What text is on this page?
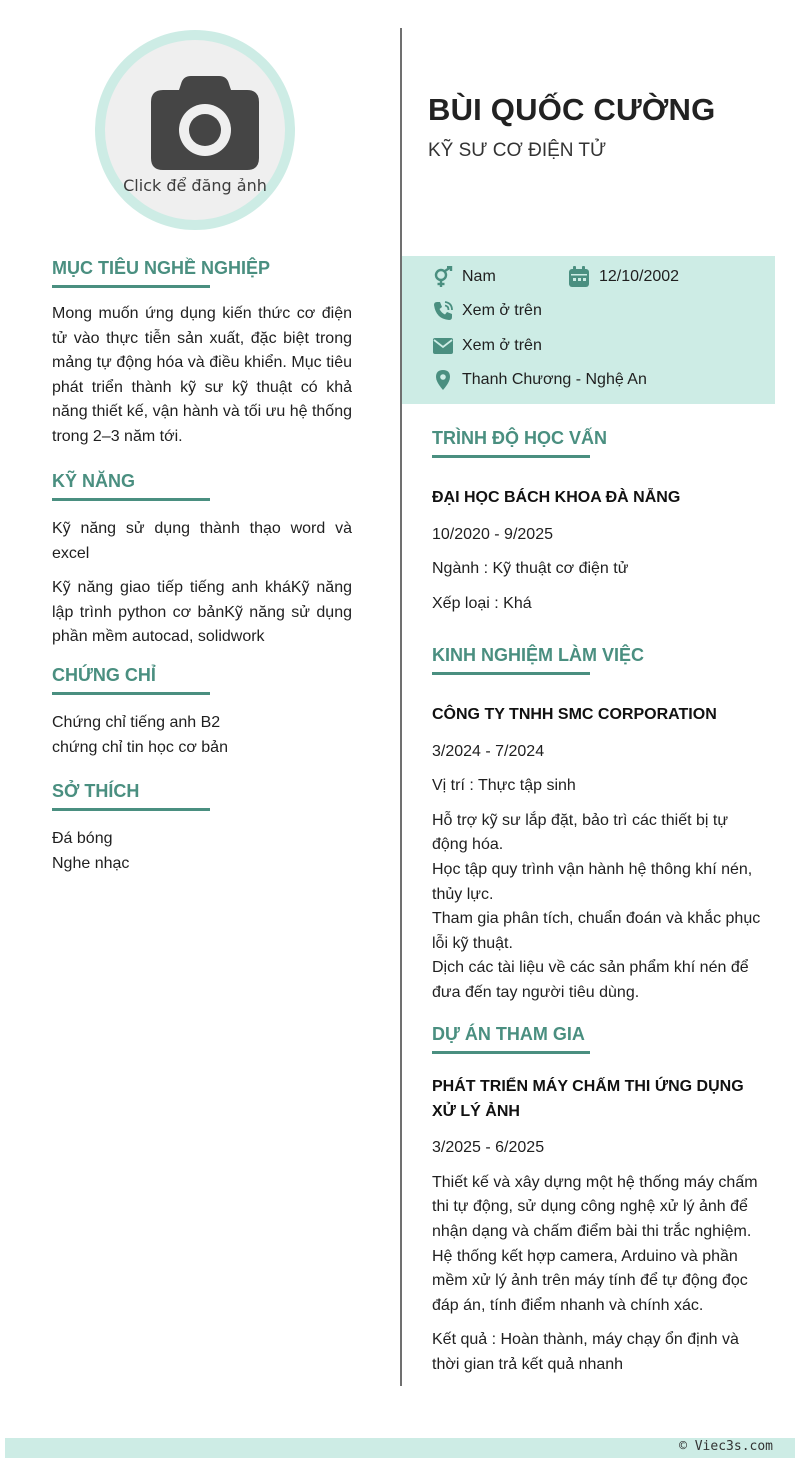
Click để đăng ảnh
MỤC TIÊU NGHỀ NGHIỆP

Mong muốn ứng dụng kiến thức cơ điện tử vào thực tiễn sản xuất, đặc biệt trong mảng tự động hóa và điều khiển. Mục tiêu phát triển thành kỹ sư kỹ thuật có khả năng thiết kế, vận hành và tối ưu hệ thống trong 2–3 năm tới.

KỸ NĂNG

Kỹ năng sử dụng thành thạo word và excel

Kỹ năng giao tiếp tiếng anh kháKỹ năng lập trình python cơ bảnKỹ năng sử dụng phần mềm autocad, solidwork

CHỨNG CHỈ

Chứng chỉ tiếng anh B2

chứng chỉ tin học cơ bản

SỞ THÍCH

Đá bóng

Nghe nhạc

BÙI QUỐC CƯỜNG
KỸ SƯ CƠ ĐIỆN TỬ
Nam	12/10/2002
Xem ở trên
Xem ở trên
Thanh Chương - Nghệ An
TRÌNH ĐỘ HỌC VẤN

ĐẠI HỌC BÁCH KHOA ĐÀ NẴNG

10/2020 - 9/2025

Ngành : Kỹ thuật cơ điện tử

Xếp loại : Khá

KINH NGHIỆM LÀM VIỆC

CÔNG TY TNHH SMC CORPORATION

3/2024 - 7/2024

Vị trí : Thực tập sinh

Hỗ trợ kỹ sư lắp đặt, bảo trì các thiết bị tự động hóa.

Học tập quy trình vận hành hệ thông khí nén, thủy lực.

Tham gia phân tích, chuẩn đoán và khắc phục lỗi kỹ thuật.

Dịch các tài liệu về các sản phẩm khí nén để đưa đến tay người tiêu dùng.

DỰ ÁN THAM GIA

PHÁT TRIỂN MÁY CHẤM THI ỨNG DỤNG XỬ LÝ ẢNH

3/2025 - 6/2025

Thiết kế và xây dựng một hệ thống máy chấm thi tự động, sử dụng công nghệ xử lý ảnh để nhận dạng và chấm điểm bài thi trắc nghiệm. Hệ thống kết hợp camera, Arduino và phần mềm xử lý ảnh trên máy tính để tự động đọc đáp án, tính điểm nhanh và chính xác.

Kết quả : Hoàn thành, máy chạy ổn định và thời gian trả kết quả nhanh

© Viec3s.com
